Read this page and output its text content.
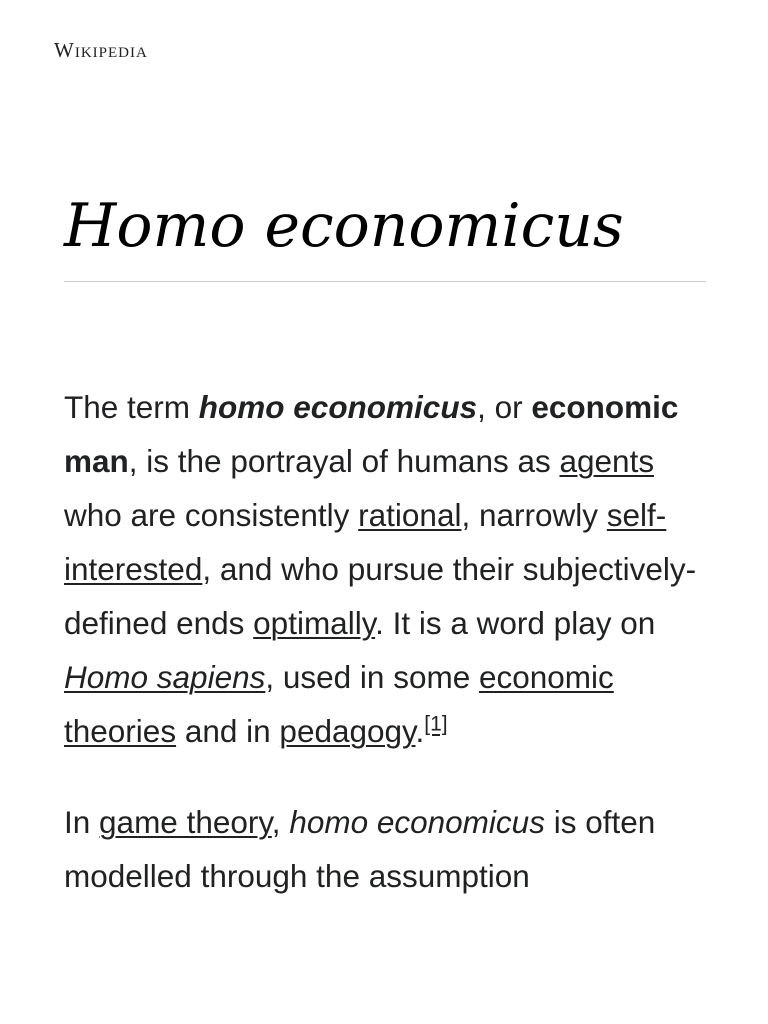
Wikipedia
Homo economicus

The term homo economicus, or economic man, is the portrayal of humans as agents who are consistently rational, narrowly self-interested, and who pursue their subjectively-defined ends optimally. It is a word play on Homo sapiens, used in some economic theories and in pedagogy.[1]

In game theory, homo economicus is often modelled through the assumption
